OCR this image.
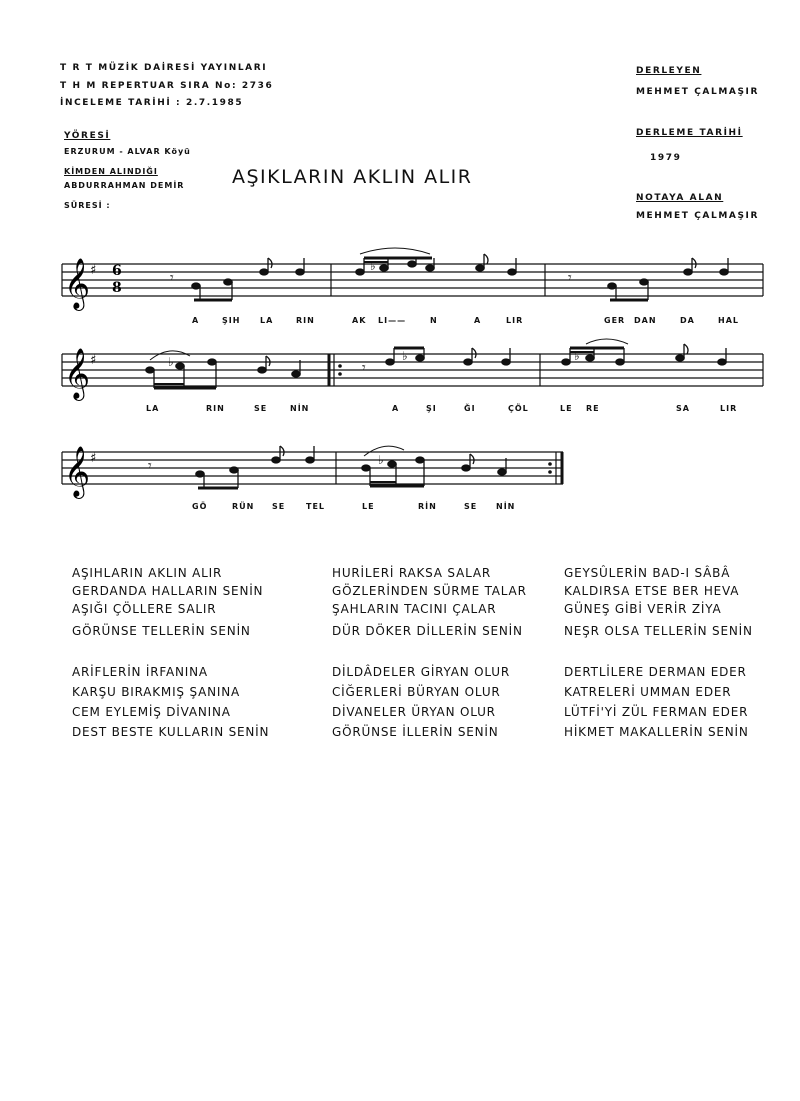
T R T MÜZİK DAİRESİ YAYINLARI
T H M REPERTUAR SIRA No: 2736
İNCELEME TARİHİ : 2.7.1985
YÖRESİ
ERZURUM - ALVAR Köyü
KİMDEN ALINDIĞI
ABDURRAHMAN DEMİR
SÜRESİ :
DERLEYEN
MEHMET ÇALMAŞIR
DERLEME TARİHİ
1979
NOTAYA ALAN
MEHMET ÇALMAŞIR
AŞIKLARIN AKLIN ALIR
𝄞 ♯ 6
8
𝄾
♭
𝄾
A	ŞIH LA	RIN	AK LI——	N	A	LIR	GER DAN	DA	HAL
𝄞 ♯	♭	𝄾
♭	♭
LA	RIN	SE	NİN	A	ŞI	ĞI	ÇÖL	LE RE	SA	LIR
𝄞 ♯	𝄾	♭
GÖ	RÜN SE	TEL	LE	RİN	SE NİN
AŞIHLARIN AKLIN ALIR
GERDANDA HALLARIN SENİN
AŞIĞI ÇÖLLERE SALIR
GÖRÜNSE TELLERİN SENİN
HURİLERİ RAKSA SALAR
GÖZLERİNDEN SÜRME TALAR
ŞAHLARIN TACINI ÇALAR
DÜR DÖKER DİLLERİN SENİN
GEYSÛLERİN BAD-I SÂBÂ
KALDIRSA ETSE BER HEVA
GÜNEŞ GİBİ VERİR ZİYA
NEŞR OLSA TELLERİN SENİN
ARİFLERİN İRFANINA
KARŞU BIRAKMIŞ ŞANINA
CEM EYLEMİŞ DİVANINA
DEST BESTE KULLARIN SENİN
DİLDÂDELER GİRYAN OLUR
CİĞERLERİ BÜRYAN OLUR
DİVANELER ÜRYAN OLUR
GÖRÜNSE İLLERİN SENİN
DERTLİLERE DERMAN EDER
KATRELERİ UMMAN EDER
LÜTFİ'Yİ ZÜL FERMAN EDER
HİKMET MAKALLERİN SENİN
